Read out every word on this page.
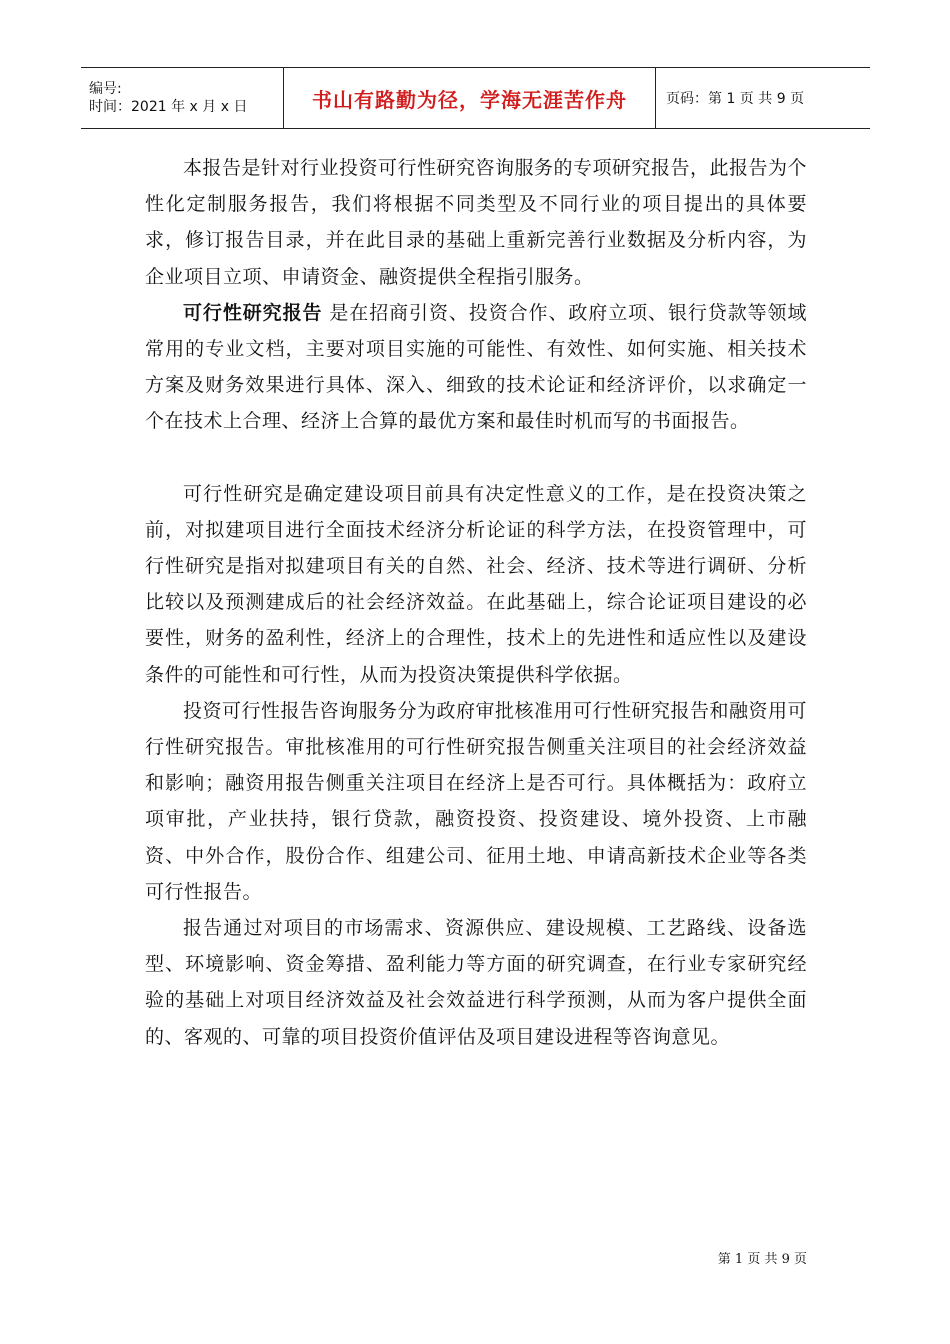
编号:
时间：2021 年 x 月 x 日	书山有路勤为径，学海无涯苦作舟	页码：第 1 页 共 9 页

本报告是针对行业投资可行性研究咨询服务的专项研究报告，此报告为个性化定制服务报告，我们将根据不同类型及不同行业的项目提出的具体要求，修订报告目录，并在此目录的基础上重新完善行业数据及分析内容，为企业项目立项、申请资金、融资提供全程指引服务。

可行性研究报告 是在招商引资、投资合作、政府立项、银行贷款等领域常用的专业文档，主要对项目实施的可能性、有效性、如何实施、相关技术方案及财务效果进行具体、深入、细致的技术论证和经济评价，以求确定一个在技术上合理、经济上合算的最优方案和最佳时机而写的书面报告。

可行性研究是确定建设项目前具有决定性意义的工作，是在投资决策之前，对拟建项目进行全面技术经济分析论证的科学方法，在投资管理中，可行性研究是指对拟建项目有关的自然、社会、经济、技术等进行调研、分析比较以及预测建成后的社会经济效益。在此基础上，综合论证项目建设的必要性，财务的盈利性，经济上的合理性，技术上的先进性和适应性以及建设条件的可能性和可行性，从而为投资决策提供科学依据。

投资可行性报告咨询服务分为政府审批核准用可行性研究报告和融资用可行性研究报告。审批核准用的可行性研究报告侧重关注项目的社会经济效益和影响；融资用报告侧重关注项目在经济上是否可行。具体概括为：政府立项审批，产业扶持，银行贷款，融资投资、投资建设、境外投资、上市融资、中外合作，股份合作、组建公司、征用土地、申请高新技术企业等各类可行性报告。

报告通过对项目的市场需求、资源供应、建设规模、工艺路线、设备选型、环境影响、资金筹措、盈利能力等方面的研究调查，在行业专家研究经验的基础上对项目经济效益及社会效益进行科学预测，从而为客户提供全面的、客观的、可靠的项目投资价值评估及项目建设进程等咨询意见。

第 1 页 共 9 页
